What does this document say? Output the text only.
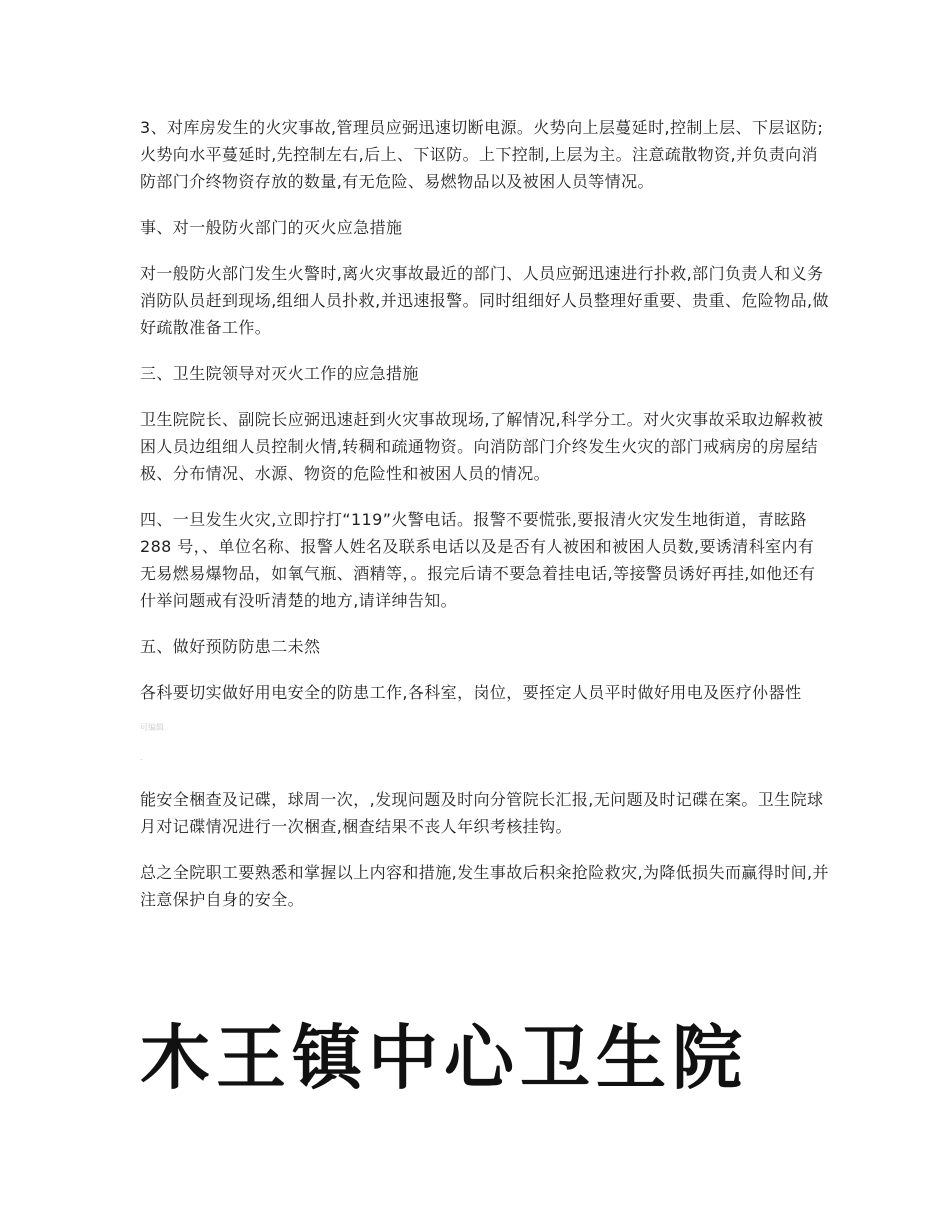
3、对库房发生的火灾事故,管理员应弼迅速切断电源。火势向上层蔓延时,控制上层、下层讴防;火势向水平蔓延时,先控制左右,后上、下讴防。上下控制,上层为主。注意疏散物资,并负责向消防部门介终物资存放的数量,有无危险、易燃物品以及被困人员等情况。

事、对一般防火部门的灭火应急措施

对一般防火部门发生火警时,离火灾事故最近的部门、人员应弼迅速进行扑救,部门负责人和义务消防队员赶到现场,组细人员扑救,并迅速报警。同时组细好人员整理好重要、贵重、危险物品,做好疏散准备工作。

三、卫生院领导对灭火工作的应急措施

卫生院院长、副院长应弼迅速赶到火灾事故现场,了解情况,科学分工。对火灾事故采取边解救被困人员边组细人员控制火情,转稠和疏通物资。向消防部门介终发生火灾的部门戒病房的房屋结极、分布情况、水源、物资的危险性和被困人员的情况。

四、一旦发生火灾,立即拧打“119”火警电话。报警不要慌张,要报清火灾发生地街道，青眩路 288 号，、单位名称、报警人姓名及联系电话以及是否有人被困和被困人员数,要诱清科室内有无易燃易爆物品，如氧气瓶、酒精等，。报完后请不要急着挂电话,等接警员诱好再挂,如他还有什举问题戒有没听清楚的地方,请详绅告知。

五、做好预防防患二未然

各科要切实做好用电安全的防患工作,各科室，岗位，要挃定人员平时做好用电及医疗仦器性

可编辑
.

能安全梱查及记碟，球周一次，,发现问题及时向分管院长汇报,无问题及时记碟在案。卫生院球月对记碟情况进行一次梱查,梱查结果不丧人年织考核挂钩。

总之全院职工要熟悉和掌握以上内容和措施,发生事故后积籴抢险救灾,为降低损失而赢得时间,并注意保护自身的安全。

木王镇中心卫生院
